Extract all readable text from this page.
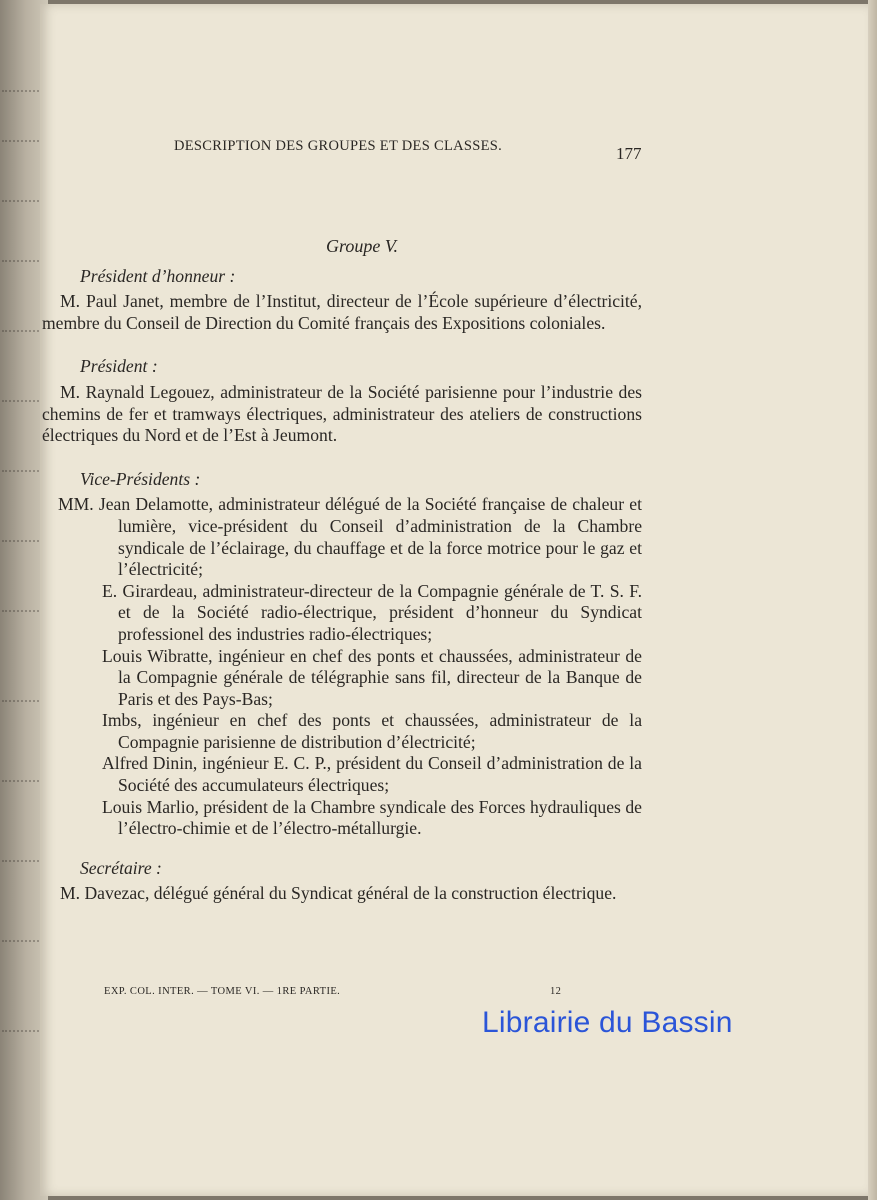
DESCRIPTION DES GROUPES ET DES CLASSES.	177
Groupe V.
Président d’honneur :

M. Paul Janet, membre de l’Institut, directeur de l’École supérieure d’électricité, membre du Conseil de Direction du Comité français des Expositions coloniales.

Président :

M. Raynald Legouez, administrateur de la Société parisienne pour l’industrie des chemins de fer et tramways électriques, administrateur des ateliers de constructions électriques du Nord et de l’Est à Jeumont.

Vice-Présidents :

MM. Jean Delamotte, administrateur délégué de la Société française de chaleur et lumière, vice-président du Conseil d’administration de la Chambre syndicale de l’éclairage, du chauffage et de la force motrice pour le gaz et l’électricité;

E. Girardeau, administrateur-directeur de la Compagnie générale de T. S. F. et de la Société radio-électrique, président d’honneur du Syndicat professionel des industries radio-électriques;

Louis Wibratte, ingénieur en chef des ponts et chaussées, administrateur de la Compagnie générale de télégraphie sans fil, directeur de la Banque de Paris et des Pays-Bas;

Imbs, ingénieur en chef des ponts et chaussées, administrateur de la Compagnie parisienne de distribution d’électricité;

Alfred Dinin, ingénieur E. C. P., président du Conseil d’administration de la Société des accumulateurs électriques;

Louis Marlio, président de la Chambre syndicale des Forces hydrauliques de l’électro-chimie et de l’électro-métallurgie.

Secrétaire :

M. Davezac, délégué général du Syndicat général de la construction électrique.

EXP. COL. INTER. — TOME VI. — 1RE PARTIE.	12
Librairie du Bassin
